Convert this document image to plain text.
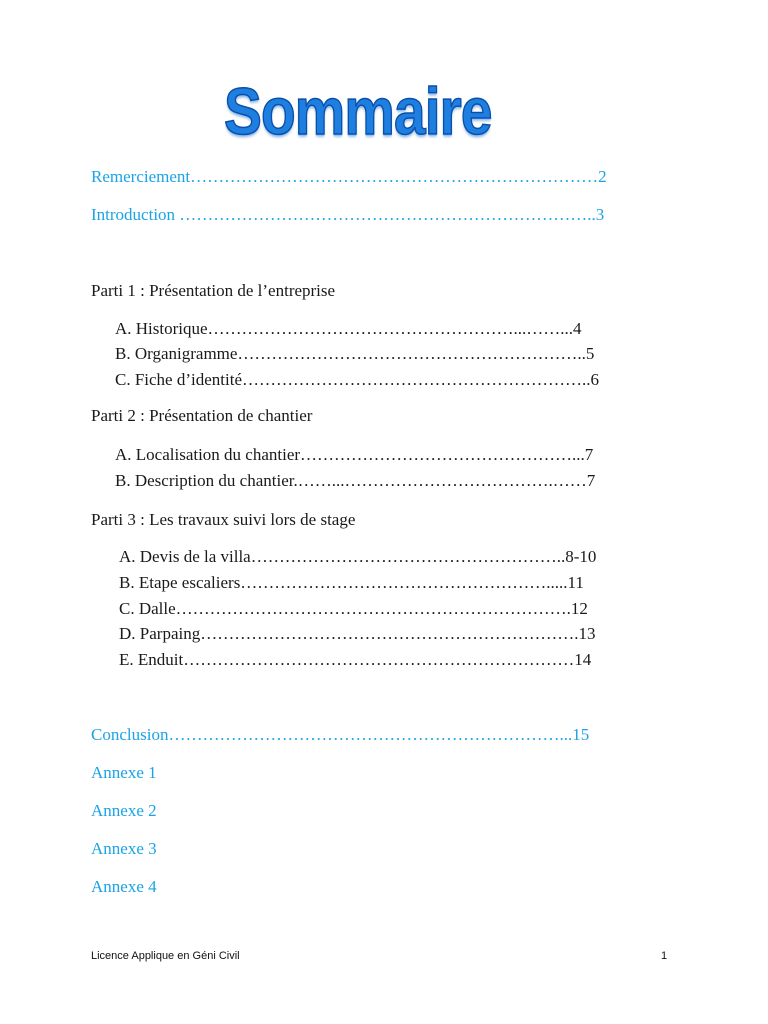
Sommaire
Remerciement………………………………………………………………2
Introduction ………………………………………………………………..3
Parti 1 : Présentation de l’entreprise
A. Historique………………………………………………...……...4
B. Organigramme……………………………………………………..5
C. Fiche d’identité……………………………………………………..6
Parti 2 : Présentation de chantier
A. Localisation du chantier…………………………………………...7
B. Description du chantier.……...……………………………….……7
Parti 3 : Les travaux suivi lors de stage
A. Devis de la villa………………………………………………..8-10
B. Etape escaliers……………………………………………….....11
C. Dalle…………………………………………………………….12
D. Parpaing………………………………………………………….13
E. Enduit……………………………………………………………14
Conclusion……………………………………………………………...15
Annexe 1
Annexe 2
Annexe 3
Annexe 4
Licence Applique en Géni Civil	1
